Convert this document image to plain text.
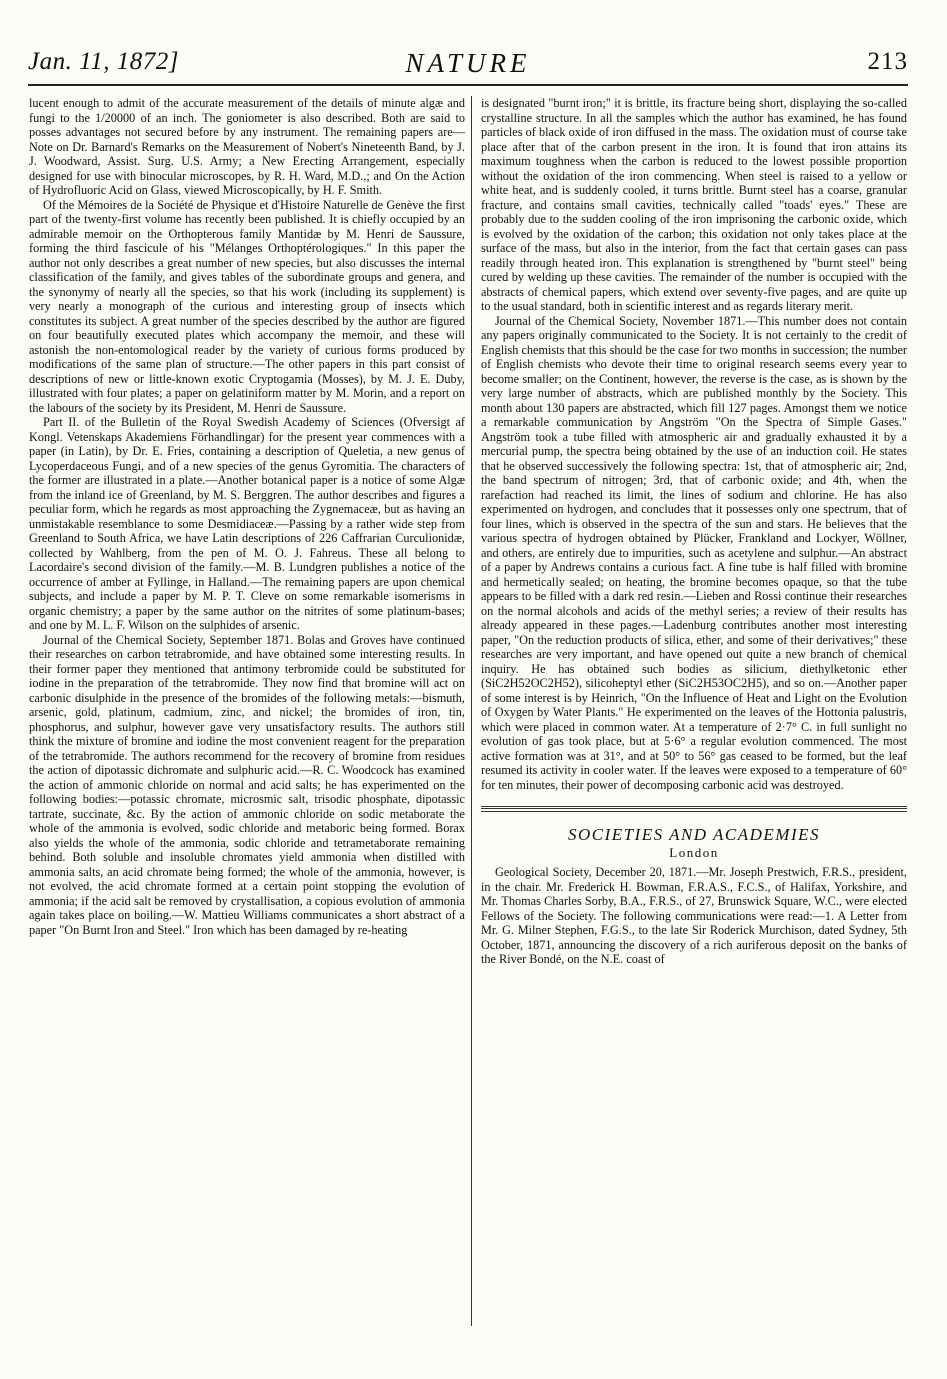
Jan. 11, 1872]	NATURE	213

lucent enough to admit of the accurate measurement of the details of minute algæ and fungi to the 1/20000 of an inch. The goniometer is also described. Both are said to posses advantages not secured before by any instrument. The remaining papers are—Note on Dr. Barnard's Remarks on the Measurement of Nobert's Nineteenth Band, by J. J. Woodward, Assist. Surg. U.S. Army; a New Erecting Arrangement, especially designed for use with binocular microscopes, by R. H. Ward, M.D.,; and On the Action of Hydrofluoric Acid on Glass, viewed Microscopically, by H. F. Smith.

Of the Mémoires de la Société de Physique et d'Histoire Naturelle de Genève the first part of the twenty-first volume has recently been published. It is chiefly occupied by an admirable memoir on the Orthopterous family Mantidæ by M. Henri de Saussure, forming the third fascicule of his "Mélanges Orthoptérologiques." In this paper the author not only describes a great number of new species, but also discusses the internal classification of the family, and gives tables of the subordinate groups and genera, and the synonymy of nearly all the species, so that his work (including its supplement) is very nearly a monograph of the curious and interesting group of insects which constitutes its subject. A great number of the species described by the author are figured on four beautifully executed plates which accompany the memoir, and these will astonish the non-entomological reader by the variety of curious forms produced by modifications of the same plan of structure.—The other papers in this part consist of descriptions of new or little-known exotic Cryptogamia (Mosses), by M. J. E. Duby, illustrated with four plates; a paper on gelatiniform matter by M. Morin, and a report on the labours of the society by its President, M. Henri de Saussure.

Part II. of the Bulletin of the Royal Swedish Academy of Sciences (Ofversigt af Kongl. Vetenskaps Akademiens Förhandlingar) for the present year commences with a paper (in Latin), by Dr. E. Fries, containing a description of Queletia, a new genus of Lycoperdaceous Fungi, and of a new species of the genus Gyromitia. The characters of the former are illustrated in a plate.—Another botanical paper is a notice of some Algæ from the inland ice of Greenland, by M. S. Berggren. The author describes and figures a peculiar form, which he regards as most approaching the Zygnemaceæ, but as having an unmistakable resemblance to some Desmidiaceæ.—Passing by a rather wide step from Greenland to South Africa, we have Latin descriptions of 226 Caffrarian Curculionidæ, collected by Wahlberg, from the pen of M. O. J. Fahreus. These all belong to Lacordaire's second division of the family.—M. B. Lundgren publishes a notice of the occurrence of amber at Fyllinge, in Halland.—The remaining papers are upon chemical subjects, and include a paper by M. P. T. Cleve on some remarkable isomerisms in organic chemistry; a paper by the same author on the nitrites of some platinum-bases; and one by M. L. F. Wilson on the sulphides of arsenic.

Journal of the Chemical Society, September 1871. Bolas and Groves have continued their researches on carbon tetrabromide, and have obtained some interesting results. In their former paper they mentioned that antimony terbromide could be substituted for iodine in the preparation of the tetrabromide. They now find that bromine will act on carbonic disulphide in the presence of the bromides of the following metals:—bismuth, arsenic, gold, platinum, cadmium, zinc, and nickel; the bromides of iron, tin, phosphorus, and sulphur, however gave very unsatisfactory results. The authors still think the mixture of bromine and iodine the most convenient reagent for the preparation of the tetrabromide. The authors recommend for the recovery of bromine from residues the action of dipotassic dichromate and sulphuric acid.—R. C. Woodcock has examined the action of ammonic chloride on normal and acid salts; he has experimented on the following bodies:—potassic chromate, microsmic salt, trisodic phosphate, dipotassic tartrate, succinate, &c. By the action of ammonic chloride on sodic metaborate the whole of the ammonia is evolved, sodic chloride and metaboric being formed. Borax also yields the whole of the ammonia, sodic chloride and tetrametaborate remaining behind. Both soluble and insoluble chromates yield ammonia when distilled with ammonia salts, an acid chromate being formed; the whole of the ammonia, however, is not evolved, the acid chromate formed at a certain point stopping the evolution of ammonia; if the acid salt be removed by crystallisation, a copious evolution of ammonia again takes place on boiling.—W. Mattieu Williams communicates a short abstract of a paper "On Burnt Iron and Steel." Iron which has been damaged by re-heating

is designated "burnt iron;" it is brittle, its fracture being short, displaying the so-called crystalline structure. In all the samples which the author has examined, he has found particles of black oxide of iron diffused in the mass. The oxidation must of course take place after that of the carbon present in the iron. It is found that iron attains its maximum toughness when the carbon is reduced to the lowest possible proportion without the oxidation of the iron commencing. When steel is raised to a yellow or white heat, and is suddenly cooled, it turns brittle. Burnt steel has a coarse, granular fracture, and contains small cavities, technically called "toads' eyes." These are probably due to the sudden cooling of the iron imprisoning the carbonic oxide, which is evolved by the oxidation of the carbon; this oxidation not only takes place at the surface of the mass, but also in the interior, from the fact that certain gases can pass readily through heated iron. This explanation is strengthened by "burnt steel" being cured by welding up these cavities. The remainder of the number is occupied with the abstracts of chemical papers, which extend over seventy-five pages, and are quite up to the usual standard, both in scientific interest and as regards literary merit.

Journal of the Chemical Society, November 1871.—This number does not contain any papers originally communicated to the Society. It is not certainly to the credit of English chemists that this should be the case for two months in succession; the number of English chemists who devote their time to original research seems every year to become smaller; on the Continent, however, the reverse is the case, as is shown by the very large number of abstracts, which are published monthly by the Society. This month about 130 papers are abstracted, which fill 127 pages. Amongst them we notice a remarkable communication by Angström "On the Spectra of Simple Gases." Angström took a tube filled with atmospheric air and gradually exhausted it by a mercurial pump, the spectra being obtained by the use of an induction coil. He states that he observed successively the following spectra: 1st, that of atmospheric air; 2nd, the band spectrum of nitrogen; 3rd, that of carbonic oxide; and 4th, when the rarefaction had reached its limit, the lines of sodium and chlorine. He has also experimented on hydrogen, and concludes that it possesses only one spectrum, that of four lines, which is observed in the spectra of the sun and stars. He believes that the various spectra of hydrogen obtained by Plücker, Frankland and Lockyer, Wöllner, and others, are entirely due to impurities, such as acetylene and sulphur.—An abstract of a paper by Andrews contains a curious fact. A fine tube is half filled with bromine and hermetically sealed; on heating, the bromine becomes opaque, so that the tube appears to be filled with a dark red resin.—Lieben and Rossi continue their researches on the normal alcohols and acids of the methyl series; a review of their results has already appeared in these pages.—Ladenburg contributes another most interesting paper, "On the reduction products of silica, ether, and some of their derivatives;" these researches are very important, and have opened out quite a new branch of chemical inquiry. He has obtained such bodies as silicium, diethylketonic ether (SiC2H52OC2H52), silicoheptyl ether (SiC2H53OC2H5), and so on.—Another paper of some interest is by Heinrich, "On the Influence of Heat and Light on the Evolution of Oxygen by Water Plants." He experimented on the leaves of the Hottonia palustris, which were placed in common water. At a temperature of 2·7° C. in full sunlight no evolution of gas took place, but at 5·6° a regular evolution commenced. The most active formation was at 31°, and at 50° to 56° gas ceased to be formed, but the leaf resumed its activity in cooler water. If the leaves were exposed to a temperature of 60° for ten minutes, their power of decomposing carbonic acid was destroyed.

SOCIETIES AND ACADEMIES
London

Geological Society, December 20, 1871.—Mr. Joseph Prestwich, F.R.S., president, in the chair. Mr. Frederick H. Bowman, F.R.A.S., F.C.S., of Halifax, Yorkshire, and Mr. Thomas Charles Sorby, B.A., F.R.S., of 27, Brunswick Square, W.C., were elected Fellows of the Society. The following communications were read:—1. A Letter from Mr. G. Milner Stephen, F.G.S., to the late Sir Roderick Murchison, dated Sydney, 5th October, 1871, announcing the discovery of a rich auriferous deposit on the banks of the River Bondé, on the N.E. coast of
